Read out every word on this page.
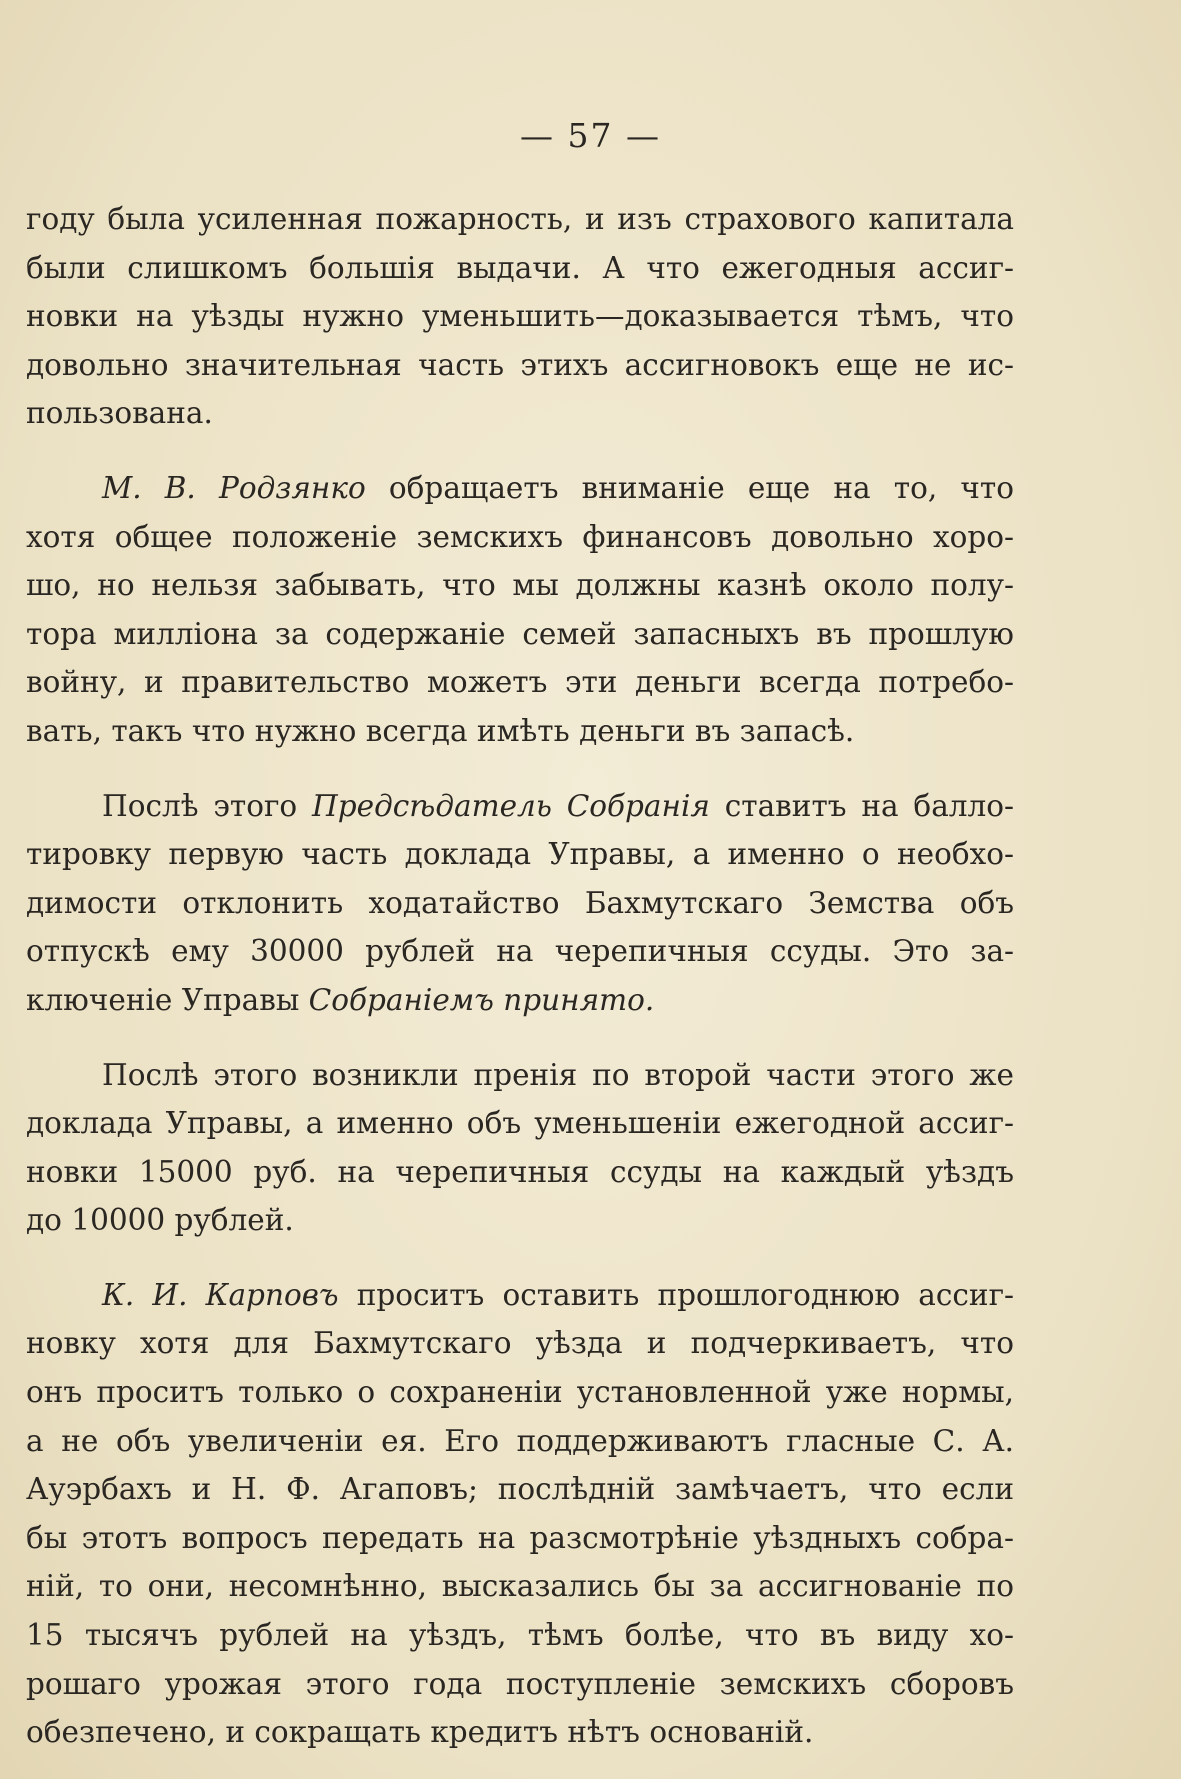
— 57 —

году была усиленная пожарность, и изъ страхового капитала
были слишкомъ большія выдачи. А что ежегодныя ассиг-
новки на уѣзды нужно уменьшить—доказывается тѣмъ, что
довольно значительная часть этихъ ассигновокъ еще не ис-
пользована.

М. В. Родзянко обращаетъ вниманіе еще на то, что
хотя общее положеніе земскихъ финансовъ довольно хоро-
шо, но нельзя забывать, что мы должны казнѣ около полу-
тора милліона за содержаніе семей запасныхъ въ прошлую
войну, и правительство можетъ эти деньги всегда потребо-
вать, такъ что нужно всегда имѣть деньги въ запасѣ.

Послѣ этого Предсѣдатель Собранія ставитъ на балло-
тировку первую часть доклада Управы, а именно о необхо-
димости отклонить ходатайство Бахмутскаго Земства объ
отпускѣ ему 30000 рублей на черепичныя ссуды. Это за-
ключеніе Управы Собраніемъ принято.

Послѣ этого возникли пренія по второй части этого же
доклада Управы, а именно объ уменьшеніи ежегодной ассиг-
новки 15000 руб. на черепичныя ссуды на каждый уѣздъ
до 10000 рублей.

К. И. Карповъ проситъ оставить прошлогоднюю ассиг-
новку хотя для Бахмутскаго уѣзда и подчеркиваетъ, что
онъ проситъ только о сохраненіи установленной уже нормы,
а не объ увеличеніи ея. Его поддерживаютъ гласные С. А.
Ауэрбахъ и Н. Ф. Агаповъ; послѣдній замѣчаетъ, что если
бы этотъ вопросъ передать на разсмотрѣніе уѣздныхъ собра-
ній, то они, несомнѣнно, высказались бы за ассигнованіе по
15 тысячъ рублей на уѣздъ, тѣмъ болѣе, что въ виду хо-
рошаго урожая этого года поступленіе земскихъ сборовъ
обезпечено, и сокращать кредитъ нѣтъ основаній.
